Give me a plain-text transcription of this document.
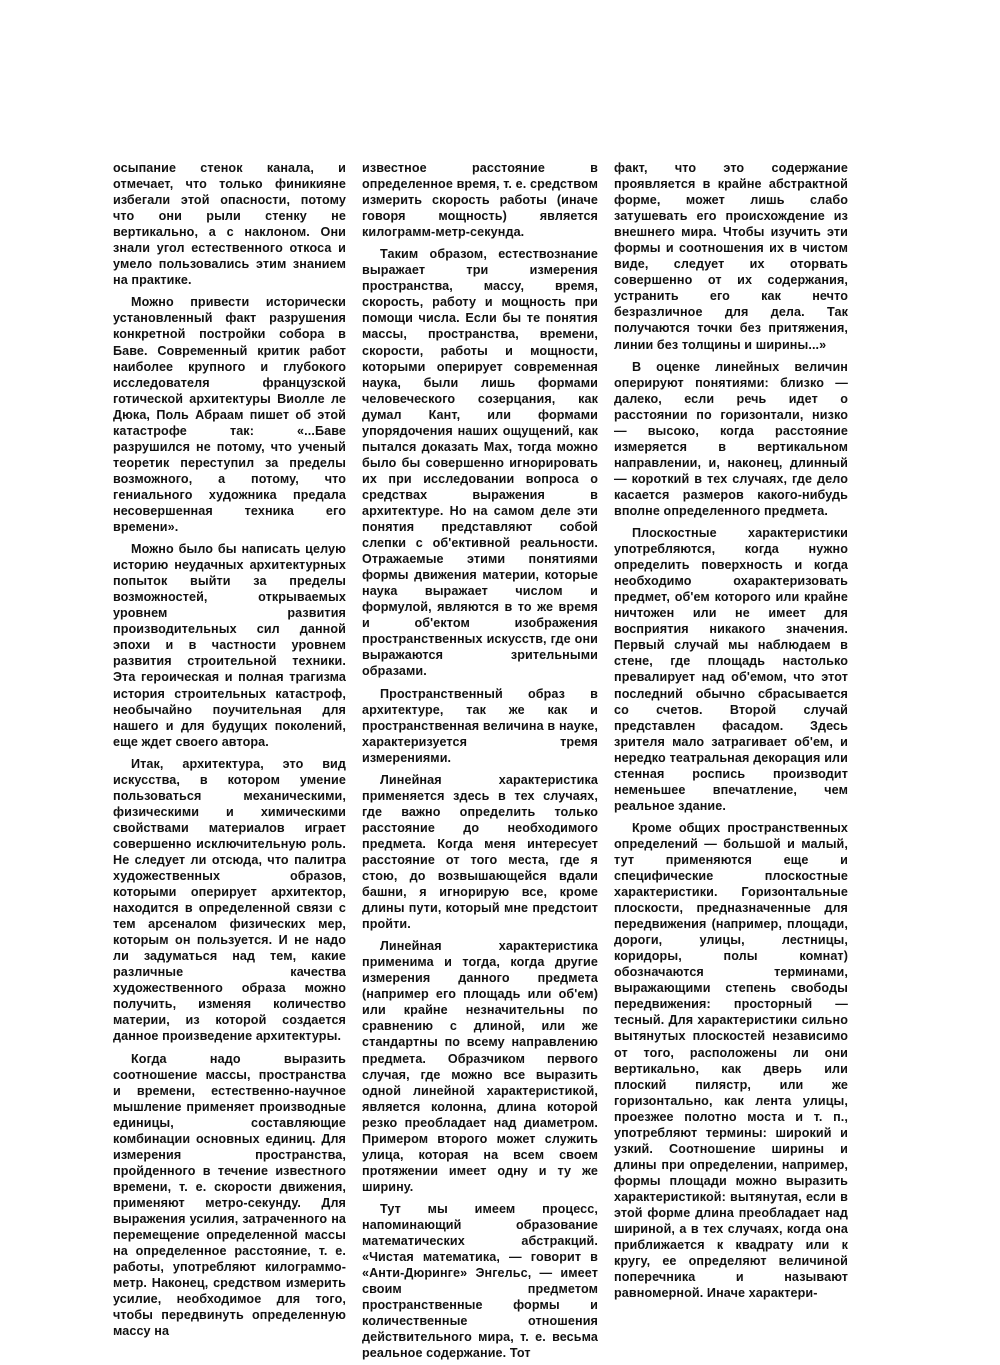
осыпание стенок канала, и отмечает, что только финикияне избегали этой опасности, потому что они рыли стенку не вертикально, а с наклоном. Они знали угол естественного откоса и умело пользовались этим знанием на практике.

Можно привести исторически установленный факт разрушения конкретной постройки собора в Баве. Современный критик работ наиболее крупного и глубокого исследователя французской готической архитектуры Виолле ле Дюка, Поль Абраам пишет об этой катастрофе так: «...Баве разрушился не потому, что ученый теоретик переступил за пределы возможного, а потому, что гениального художника предала несовершенная техника его времени».

Можно было бы написать целую историю неудачных архитектурных попыток выйти за пределы возможностей, открываемых уровнем развития производительных сил данной эпохи и в частности уровнем развития строительной техники. Эта героическая и полная трагизма история строительных катастроф, необычайно поучительная для нашего и для будущих поколений, еще ждет своего автора.

Итак, архитектура, это вид искусства, в котором умение пользоваться механическими, физическими и химическими свойствами материалов играет совершенно исключительную роль. Не следует ли отсюда, что палитра художественных образов, которыми оперирует архитектор, находится в определенной связи с тем арсеналом физических мер, которым он пользуется. И не надо ли задуматься над тем, какие различные качества художественного образа можно получить, изменяя количество материи, из которой создается данное произведение архитектуры.

Когда надо выразить соотношение массы, пространства и времени, естественно-научное мышление применяет производные единицы, составляющие комбинации основных единиц. Для измерения пространства, пройденного в течение известного времени, т. е. скорости движения, применяют метро-секунду. Для выражения усилия, затраченного на перемещение определенной массы на определенное расстояние, т. е. работы, употребляют килограммо-метр. Наконец, средством измерить усилие, необходимое для того, чтобы передвинуть определенную массу на

известное расстояние в определенное время, т. е. средством измерить скорость работы (иначе говоря мощность) является килограмм-метр-секунда.

Таким образом, естествознание выражает три измерения пространства, массу, время, скорость, работу и мощность при помощи числа. Если бы те понятия массы, пространства, времени, скорости, работы и мощности, которыми оперирует современная наука, были лишь формами человеческого созерцания, как думал Кант, или формами упорядочения наших ощущений, как пытался доказать Мах, тогда можно было бы совершенно игнорировать их при исследовании вопроса о средствах выражения в архитектуре. Но на самом деле эти понятия представляют собой слепки с об'ективной реальности. Отражаемые этими понятиями формы движения материи, которые наука выражает числом и формулой, являются в то же время и об'ектом изображения пространственных искусств, где они выражаются зрительными образами.

Пространственный образ в архитектуре, так же как и пространственная величина в науке, характеризуется тремя измерениями.

Линейная характеристика применяется здесь в тех случаях, где важно определить только расстояние до необходимого предмета. Когда меня интересует расстояние от того места, где я стою, до возвышающейся вдали башни, я игнорирую все, кроме длины пути, который мне предстоит пройти.

Линейная характеристика применима и тогда, когда другие измерения данного предмета (например его площадь или об'ем) или крайне незначительны по сравнению с длиной, или же стандартны по всему направлению предмета. Образчиком первого случая, где можно все выразить одной линейной характеристикой, является колонна, длина которой резко преобладает над диаметром. Примером второго может служить улица, которая на всем своем протяжении имеет одну и ту же ширину.

Тут мы имеем процесс, напоминающий образование математических абстракций. «Чистая математика, — говорит в «Анти-Дюринге» Энгельс, — имеет своим предметом пространственные формы и количественные отношения действительного мира, т. е. весьма реальное содержание. Тот

факт, что это содержание проявляется в крайне абстрактной форме, может лишь слабо затушевать его происхождение из внешнего мира. Чтобы изучить эти формы и соотношения их в чистом виде, следует их оторвать совершенно от их содержания, устранить его как нечто безразличное для дела. Так получаются точки без притяжения, линии без толщины и ширины...»

В оценке линейных величин оперируют понятиями: близко — далеко, если речь идет о расстоянии по горизонтали, низко — высоко, когда расстояние измеряется в вертикальном направлении, и, наконец, длинный — короткий в тех случаях, где дело касается размеров какого-нибудь вполне определенного предмета.

Плоскостные характеристики употребляются, когда нужно определить поверхность и когда необходимо охарактеризовать предмет, об'ем которого или крайне ничтожен или не имеет для восприятия никакого значения. Первый случай мы наблюдаем в стене, где площадь настолько превалирует над об'емом, что этот последний обычно сбрасывается со счетов. Второй случай представлен фасадом. Здесь зрителя мало затрагивает об'ем, и нередко театральная декорация или стенная роспись производит неменьшее впечатление, чем реальное здание.

Кроме общих пространственных определений — большой и малый, тут применяются еще и специфические плоскостные характеристики. Горизонтальные плоскости, предназначенные для передвижения (например, площади, дороги, улицы, лестницы, коридоры, полы комнат) обозначаются терминами, выражающими степень свободы передвижения: просторный — тесный. Для характеристики сильно вытянутых плоскостей независимо от того, расположены ли они вертикально, как дверь или плоский пилястр, или же горизонтально, как лента улицы, проезжее полотно моста и т. п., употребляют термины: широкий и узкий. Соотношение ширины и длины при определении, например, формы площади можно выразить характеристикой: вытянутая, если в этой форме длина преобладает над шириной, а в тех случаях, когда она приближается к квадрату или к кругу, ее определяют величиной поперечника и называют равномерной. Иначе характери-
